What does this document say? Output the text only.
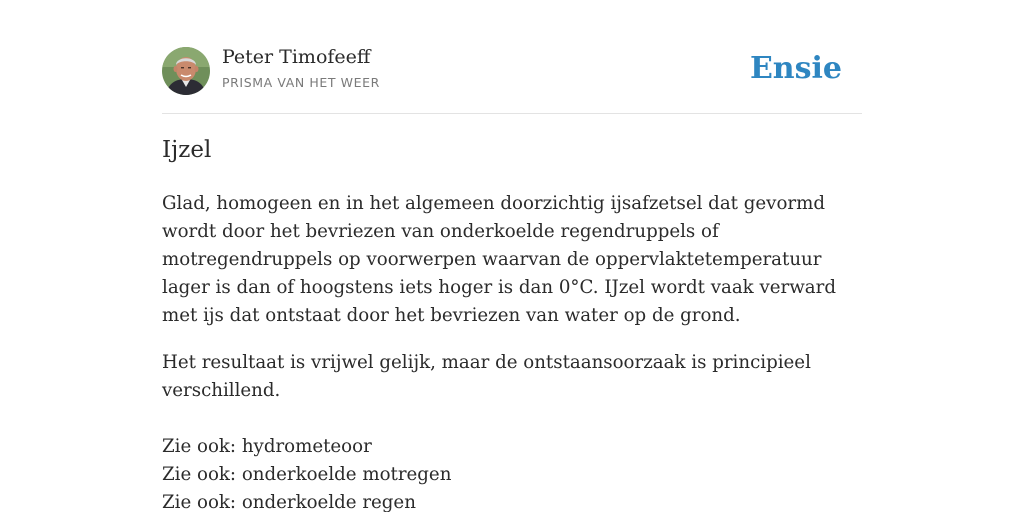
Peter Timofeeff
PRISMA VAN HET WEER	Ensie
Ijzel
Glad, homogeen en in het algemeen doorzichtig ijsafzetsel dat gevormd wordt door het bevriezen van onderkoelde regendruppels of motregendruppels op voorwerpen waarvan de oppervlaktetemperatuur lager is dan of hoogstens iets hoger is dan 0°C. IJzel wordt vaak verward met ijs dat ontstaat door het bevriezen van water op de grond.
Het resultaat is vrijwel gelijk, maar de ontstaansoorzaak is principieel verschillend.
Zie ook: hydrometeoor
Zie ook: onderkoelde motregen
Zie ook: onderkoelde regen
